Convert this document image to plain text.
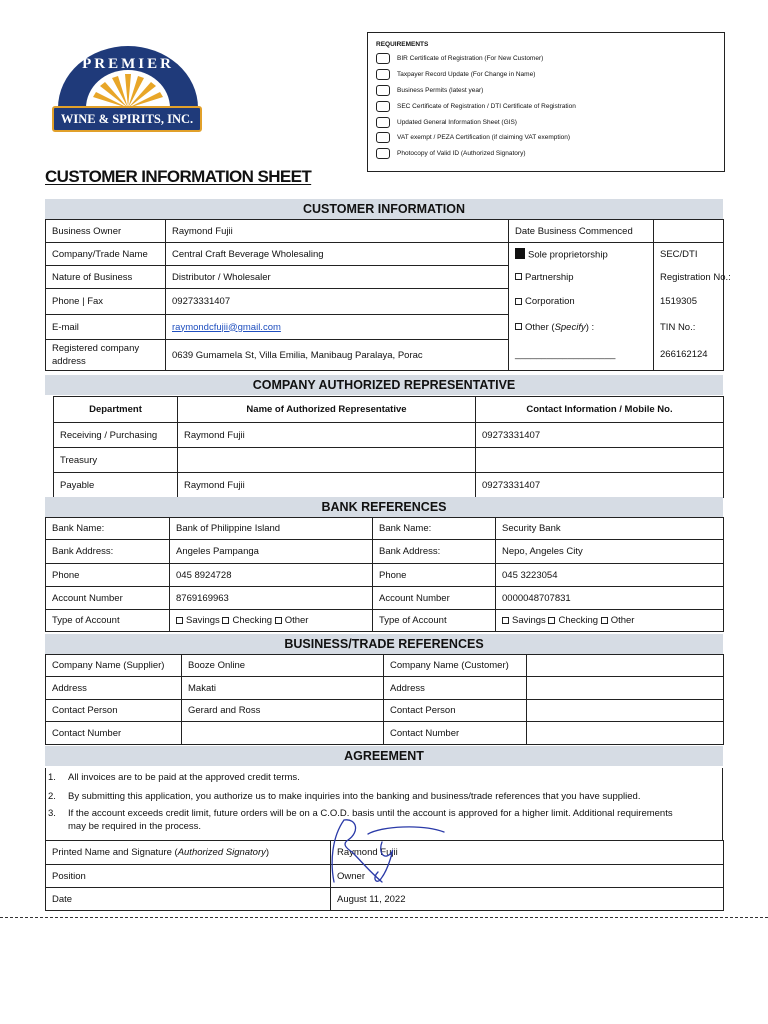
PREMIER
WINE & SPIRITS, INC.
REQUIREMENTS
BIR Certificate of Registration (For New Customer)
Taxpayer Record Update (For Change in Name)
Business Permits (latest year)
SEC Certificate of Registration / DTI Certificate of Registration
Updated General Information Sheet (GIS)
VAT exempt / PEZA Certification (if claiming VAT exemption)
Photocopy of Valid ID (Authorized Signatory)
CUSTOMER INFORMATION SHEET
CUSTOMER INFORMATION
Business Owner	Raymond Fujii	Date Business Commenced	
Company/Trade Name	Central Craft Beverage Wholesaling	Sole proprietorship	SEC/DTI
Nature of Business	Distributor / Wholesaler	Partnership	Registration No.:
Phone | Fax	09273331407	Corporation	1519305
E-mail	raymondcfujii@gmail.com	Other (Specify) :	TIN No.:
Registered company address	0639 Gumamela St, Villa Emilia, Manibaug Paralaya, Porac	___________________	266162124
COMPANY AUTHORIZED REPRESENTATIVE
Department	Name of Authorized Representative	Contact Information / Mobile No.
Receiving / Purchasing	Raymond Fujii	09273331407
Treasury		
Payable	Raymond Fujii	09273331407
BANK REFERENCES
Bank Name:	Bank of Philippine Island	Bank Name:	Security Bank
Bank Address:	Angeles Pampanga	Bank Address:	Nepo, Angeles City
Phone	045 8924728	Phone	045 3223054
Account Number	8769169963	Account Number	0000048707831
Type of Account	Savings Checking Other	Type of Account	Savings Checking Other
BUSINESS/TRADE REFERENCES
Company Name (Supplier)	Booze Online	Company Name (Customer)	
Address	Makati	Address	
Contact Person	Gerard and Ross	Contact Person	
Contact Number		Contact Number	
AGREEMENT
1.	All invoices are to be paid at the approved credit terms.
2.	By submitting this application, you authorize us to make inquiries into the banking and business/trade references that you have supplied.
3.	If the account exceeds credit limit, future orders will be on a C.O.D. basis until the account is approved for a higher limit. Additional requirements may be required in the process.
Printed Name and Signature (Authorized Signatory)	Raymond Fujii
Position	Owner
Date	August 11, 2022
